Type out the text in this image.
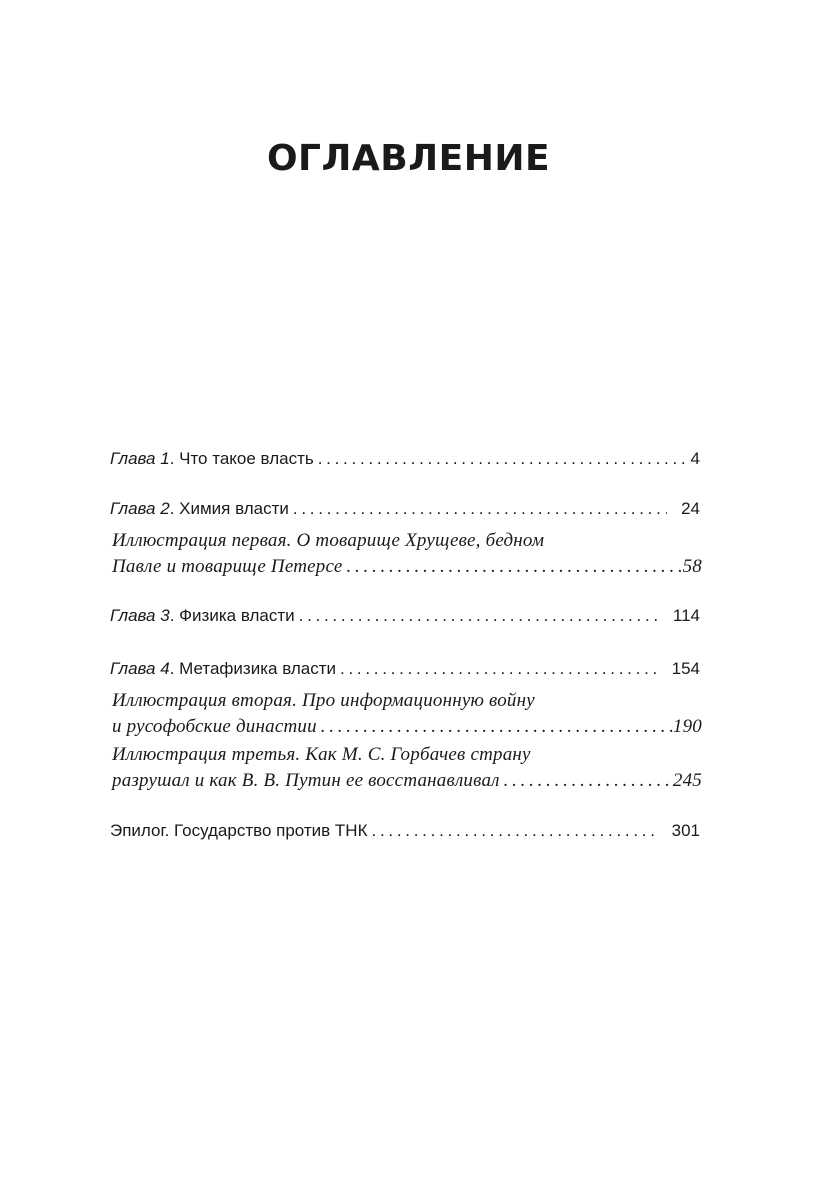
ОГЛАВЛЕНИЕ
Глава 1 . Что такое власть . . .	4
Глава 2 . Химия власти . . .	24
Иллюстрация первая. О товарище Хрущеве, бедном
Павле и товарище Петерсе . . .	58
Глава 3 . Физика власти . . .	114
Глава 4 . Метафизика власти . . .	154
Иллюстрация вторая. Про информационную войну
и русофобские династии . . .	190
Иллюстрация третья. Как М. С. Горбачев страну
разрушал и как В. В. Путин ее восстанавливал . . .	245
Эпилог. Государство против ТНК . . .	301
